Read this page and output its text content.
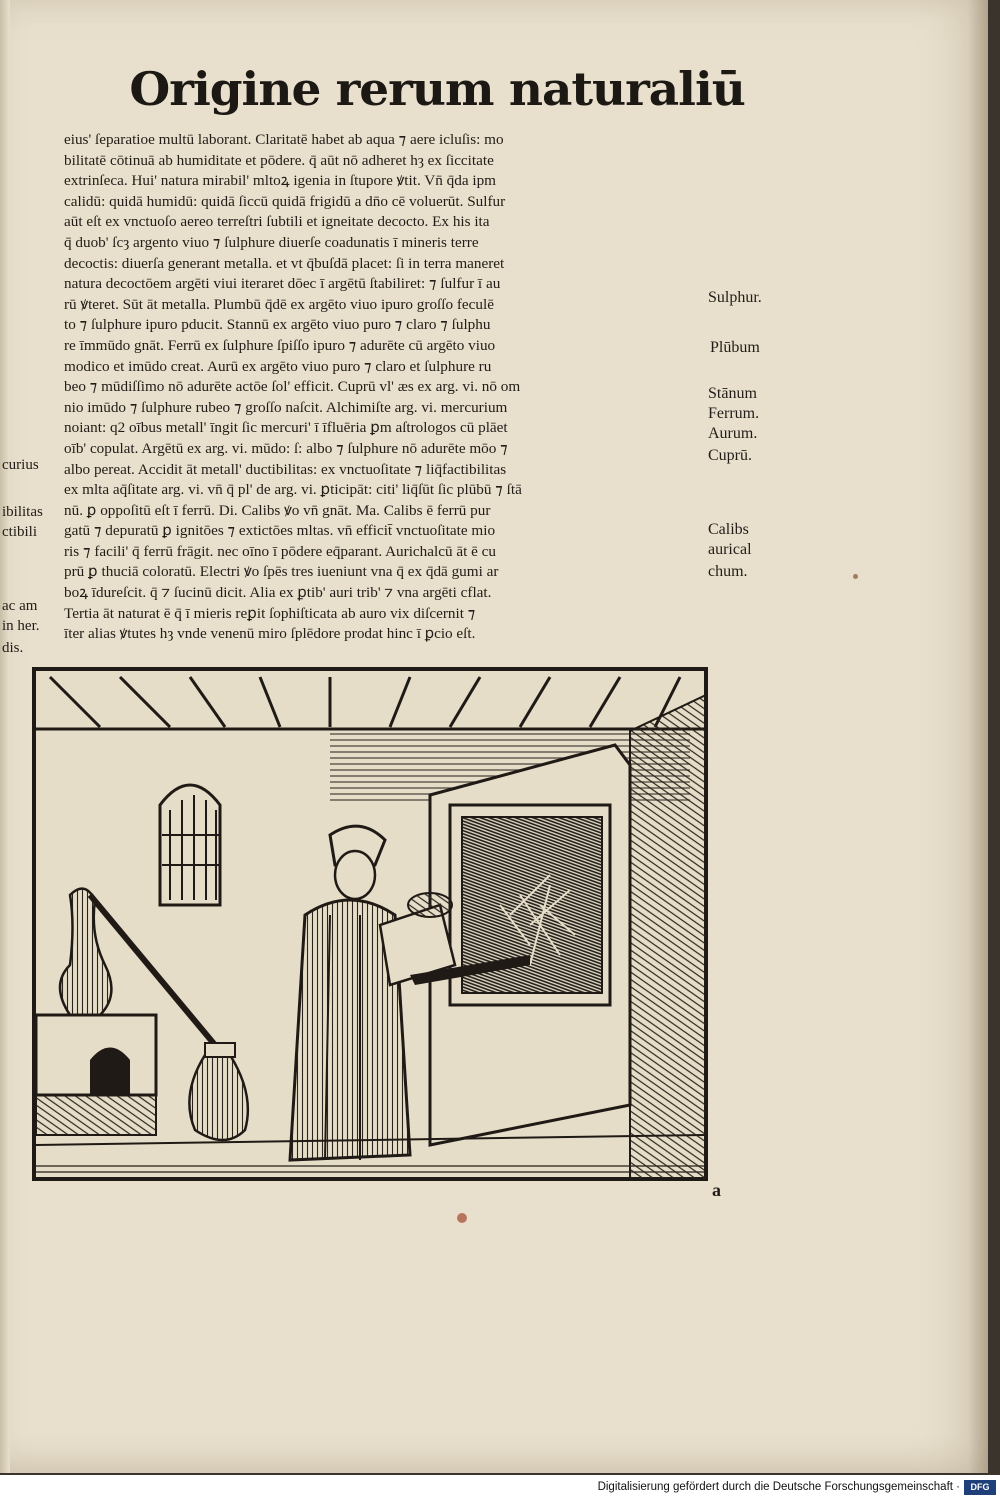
Origine rerum naturaliū
eius' ſeparatioe multū laborant. Claritatē habet ab aqua ⁊ aere icluſis: mo
bilitatē cōtinuā ab humiditate et pōdere. q̄ aūt nō adheret hȝ ex ſiccitate
extrinſeca. Hui' natura mirabil' mltoꝝ igenia in ſtupore ꝟtit. Vn̄ q̄da ipm
calidū: quidā humidū: quidā ſiccū quidā frigidū a dn̄o cē voluerūt. Sulfur
aūt eſt ex vnctuoſo aereo terreſtri ſubtili et igneitate decocto. Ex his ita
q̄ duob' ſcȝ argento viuo ⁊ ſulphure diuerſe coadunatis ī mineris terre
decoctis: diuerſa generant metalla. et vt q̄buſdā placet: ſi in terra maneret
natura decoctōem argēti viui iteraret dōec ī argētū ſtabiliret: ⁊ ſulfur ī au
rū ꝟteret. Sūt āt metalla. Plumbū q̄dē ex argēto viuo ipuro groſſo feculē
to ⁊ ſulphure ipuro pducit. Stannū ex argēto viuo puro ⁊ claro ⁊ ſulphu
re īmmūdo gnāt. Ferrū ex ſulphure ſpiſſo ipuro ⁊ adurēte cū argēto viuo
modico et imūdo creat. Aurū ex argēto viuo puro ⁊ claro et ſulphure ru
beo ⁊ mūdiſſimo nō adurēte actōe ſol' efficit. Cuprū vl' æs ex arg. vi. nō om
nio imūdo ⁊ ſulphure rubeo ⁊ groſſo naſcit. Alchimiſte arg. vi. mercurium
noiant: q2 oībus metall' īngit ſic mercuri' ī īfluēria ꝑm aſtrologos cū plāet
oīb' copulat. Argētū ex arg. vi. mūdo: ſ: albo ⁊ ſulphure nō adurēte mōo ⁊
albo pereat. Accidit āt metall' ductibilitas: ex vnctuoſitate ⁊ liq̄factibilitas
ex mlta aq̄ſitate arg. vi. vn̄ q̄ pl' de arg. vi. ꝑticipāt: citi' liq̄ſūt ſic plūbū ⁊ ſtā
nū. ꝑ oppoſitū eſt ī ferrū. Di. Calibs ꝟo vn̄ gnāt. Ma. Calibs ē ferrū pur
gatū ⁊ depuratū ꝑ ignitōes ⁊ extictōes mltas. vn̄ efficit̄ vnctuoſitate mio
ris ⁊ facili' q̄ ferrū frāgit. nec oīno ī pōdere eq̄parant. Aurichalcū āt ē cu
prū ꝑ thuciā coloratū. Electri ꝟo ſpēs tres iueniunt vna q̄ ex q̄dā gumi ar
boꝝ īdureſcit. q̄ ⁊ ſucinū dicit. Alia ex ꝑtib' auri trib' ⁊ vna argēti cflat.
Tertia āt naturat ē q̄ ī mieris reꝑit ſophiſticata ab auro vix diſcernit ⁊
īter alias ꝟtutes hȝ vnde venenū miro ſplēdore prodat hinc ī ꝑcio eſt.
Sulphur.
Plūbum
Stānum
Ferrum.
Aurum.
Cuprū.
Calibs
aurical
chum.
curius
ibilitas
ctibili
ac am
in her.
dis.
a
Digitalisierung gefördert durch die Deutsche Forschungsgemeinschaft ·	DFG
